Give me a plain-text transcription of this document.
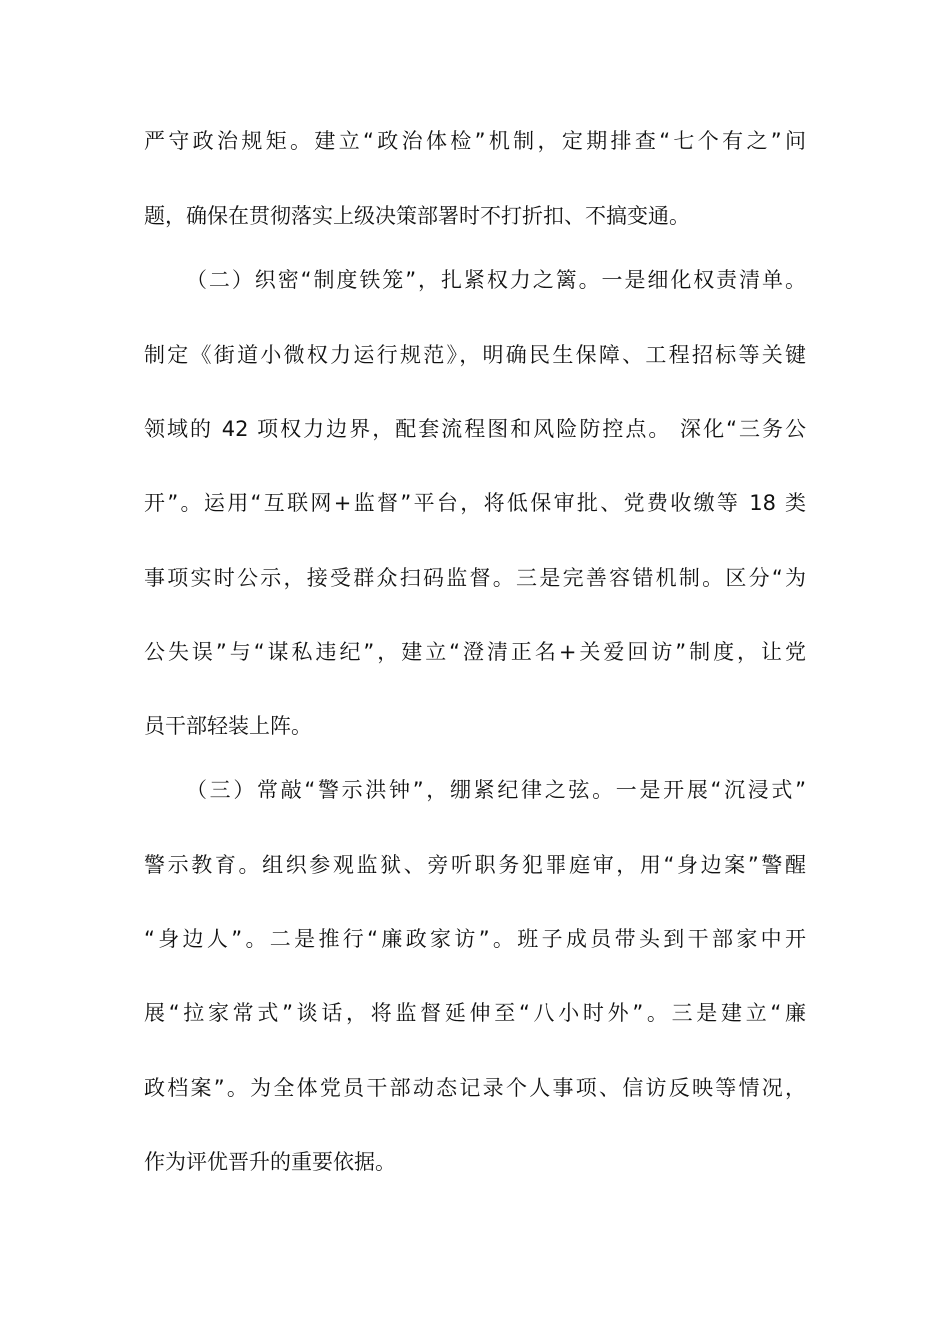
严守政治规矩。建立“政治体检”机制，定期排查“七个有之”问
题，确保在贯彻落实上级决策部署时不打折扣、不搞变通。
（二）织密“制度铁笼”，扎紧权力之篱。一是细化权责清单。
制定《街道小微权力运行规范》，明确民生保障、工程招标等关键
领域的 42 项权力边界，配套流程图和风险防控点。 深化“三务公
开”。运用“互联网+监督”平台，将低保审批、党费收缴等 18 类
事项实时公示，接受群众扫码监督。三是完善容错机制。区分“为
公失误”与“谋私违纪”，建立“澄清正名+关爱回访”制度，让党
员干部轻装上阵。
（三）常敲“警示洪钟”，绷紧纪律之弦。一是开展“沉浸式”
警示教育。组织参观监狱、旁听职务犯罪庭审，用“身边案”警醒
“身边人”。二是推行“廉政家访”。班子成员带头到干部家中开
展“拉家常式”谈话，将监督延伸至“八小时外”。三是建立“廉
政档案”。为全体党员干部动态记录个人事项、信访反映等情况，
作为评优晋升的重要依据。
